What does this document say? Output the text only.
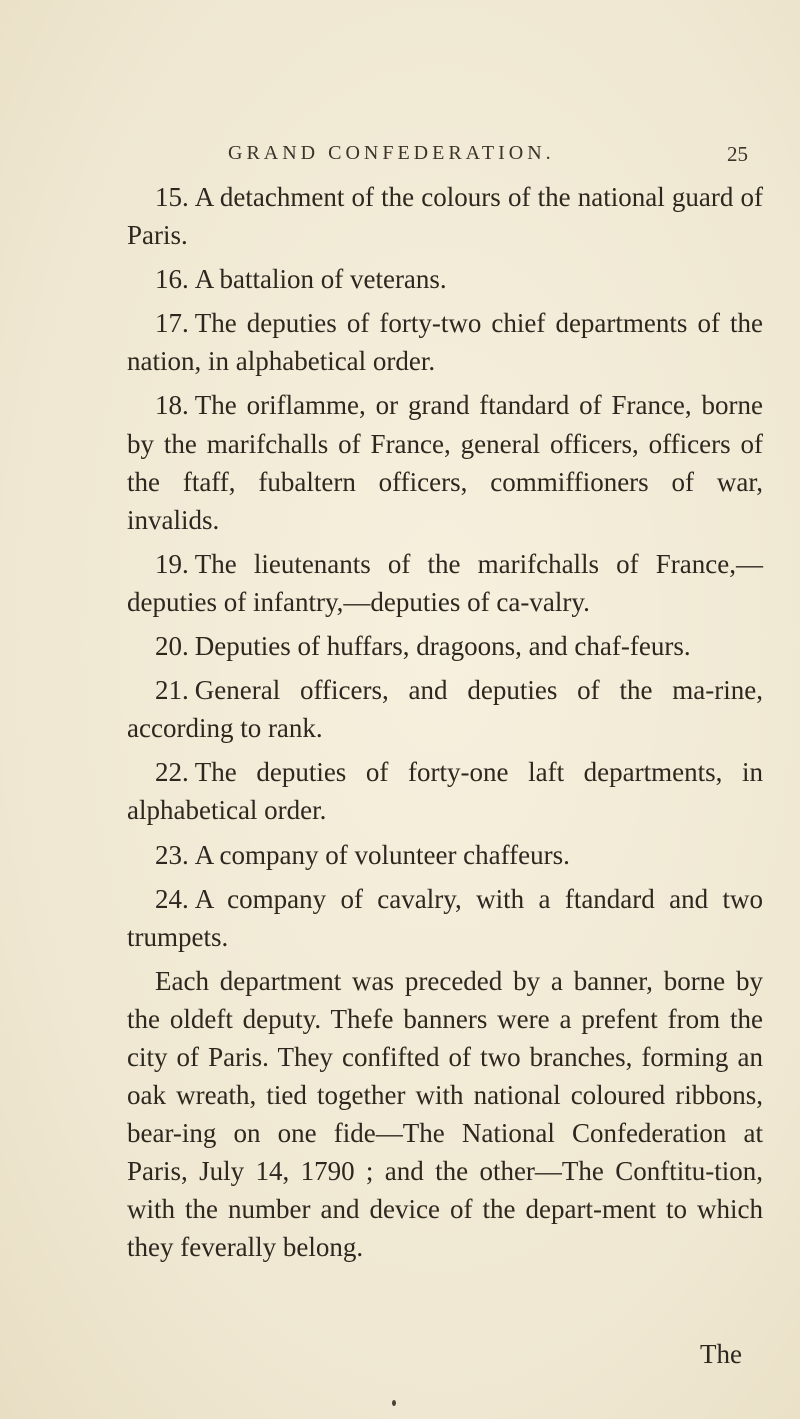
GRAND CONFEDERATION.	25

15. A detachment of the colours of the national guard of Paris.

16. A battalion of veterans.

17. The deputies of forty-two chief departments of the nation, in alphabetical order.

18. The oriflamme, or grand ftandard of France, borne by the marifchalls of France, general officers, officers of the ftaff, fubaltern officers, commiffioners of war, invalids.

19. The lieutenants of the marifchalls of France,—deputies of infantry,—deputies of ca-valry.

20. Deputies of huffars, dragoons, and chaf-feurs.

21. General officers, and deputies of the ma-rine, according to rank.

22. The deputies of forty-one laft departments, in alphabetical order.

23. A company of volunteer chaffeurs.

24. A company of cavalry, with a ftandard and two trumpets.

Each department was preceded by a banner, borne by the oldeft deputy. Thefe banners were a prefent from the city of Paris. They confifted of two branches, forming an oak wreath, tied together with national coloured ribbons, bear-ing on one fide—The National Confederation at Paris, July 14, 1790 ; and the other—The Conftitu-tion, with the number and device of the depart-ment to which they feverally belong.

The
